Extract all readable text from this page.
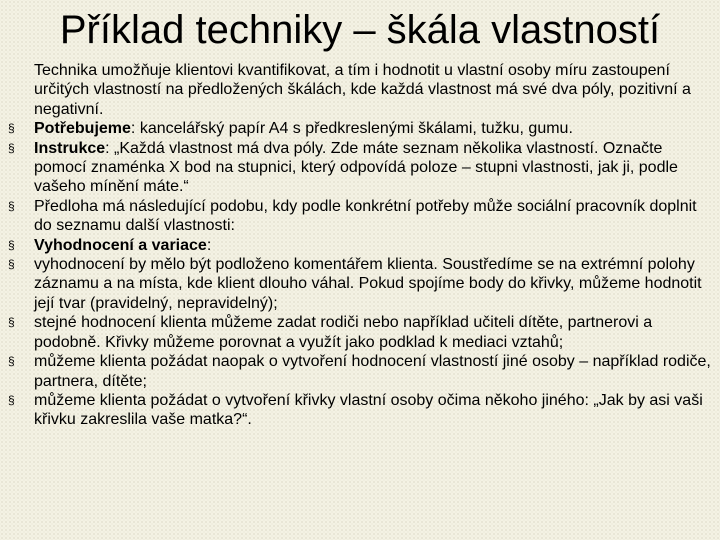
Příklad techniky – škála vlastností

Technika umožňuje klientovi kvantifikovat, a tím i hodnotit u vlastní osoby míru zastoupení určitých vlastností na předložených škálách, kde každá vlastnost má své dva póly, pozitivní a negativní.

§ Potřebujeme: kancelářský papír A4 s předkreslenými škálami, tužku, gumu.

§ Instrukce: „Každá vlastnost má dva póly. Zde máte seznam několika vlastností. Označte pomocí znaménka X bod na stupnici, který odpovídá poloze – stupni vlastnosti, jak ji, podle vašeho mínění máte.“

§ Předloha má následující podobu, kdy podle konkrétní potřeby může sociální pracovník doplnit do seznamu další vlastnosti:

§ Vyhodnocení a variace:

§ vyhodnocení by mělo být podloženo komentářem klienta. Soustředíme se na extrémní polohy záznamu a na místa, kde klient dlouho váhal. Pokud spojíme body do křivky, můžeme hodnotit její tvar (pravidelný, nepravidelný);

§ stejné hodnocení klienta můžeme zadat rodiči nebo například učiteli dítěte, partnerovi a podobně. Křivky můžeme porovnat a využít jako podklad k mediaci vztahů;

§ můžeme klienta požádat naopak o vytvoření hodnocení vlastností jiné osoby – například rodiče, partnera, dítěte;

§ můžeme klienta požádat o vytvoření křivky vlastní osoby očima někoho jiného: „Jak by asi vaši křivku zakreslila vaše matka?“.
